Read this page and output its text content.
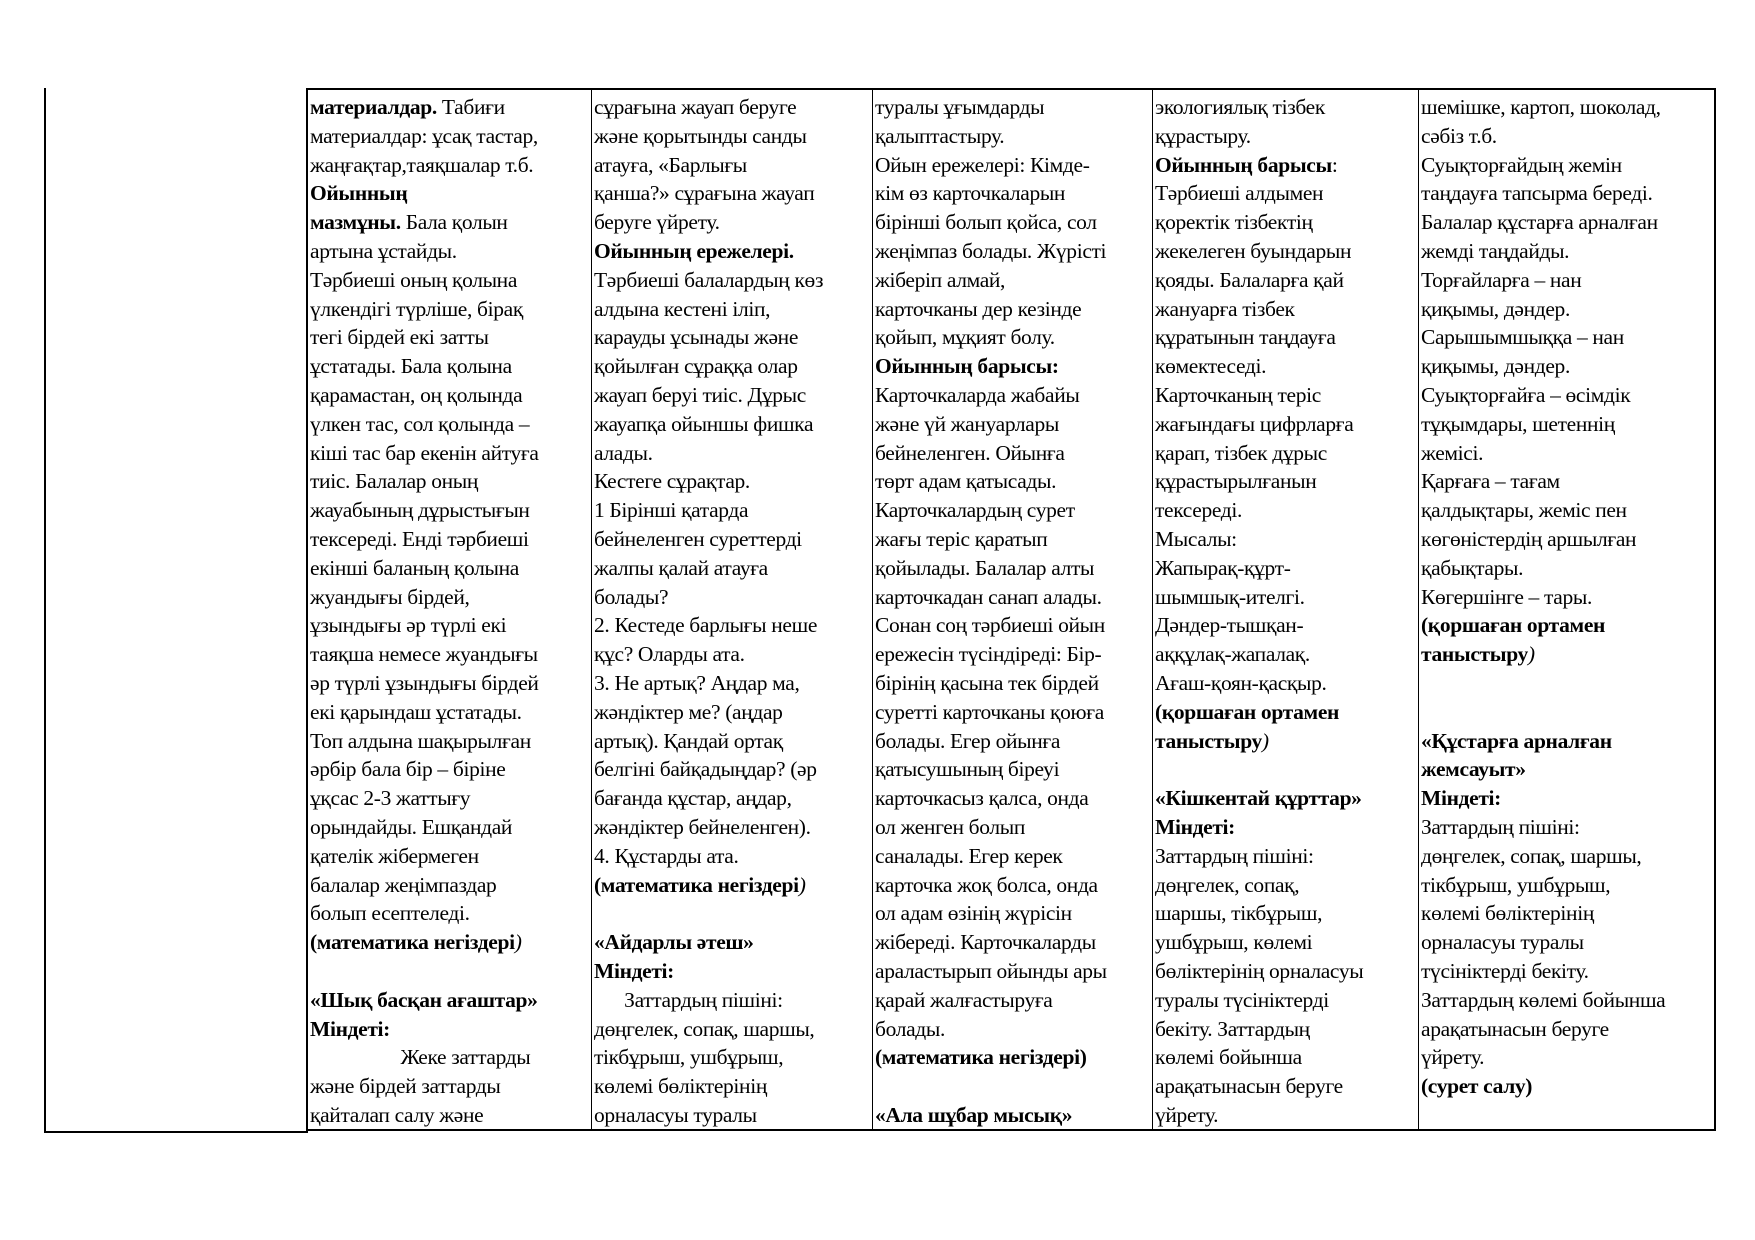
материалдар. Табиғи
материалдар: ұсақ тастар,
жаңғақтар,таяқшалар т.б.
Ойынның
мазмұны. Бала қолын
артына ұстайды.
Тәрбиеші оның қолына
үлкендігі түрліше, бірақ
тегі бірдей екі затты
ұстатады. Бала қолына
қарамастан, оң қолында
үлкен тас, сол қолында –
кіші тас бар екенін айтуға
тиіс. Балалар оның
жауабының дұрыстығын
тексереді. Енді тәрбиеші
екінші баланың қолына
жуандығы бірдей,
ұзындығы әр түрлі екі
таяқша немесе жуандығы
әр түрлі ұзындығы бірдей
екі қарындаш ұстатады.
Топ алдына шақырылған
әрбір бала бір – біріне
ұқсас 2-3 жаттығу
орындайды. Ешқандай
қателік жібермеген
балалар жеңімпаздар
болып есептеледі.
(математика негіздері)
«Шық басқан ағаштар»
Міндеті:
Жеке заттарды
және бірдей заттарды
қайталап салу және
сұрағына жауап беруге
және қорытынды санды
атауға, «Барлығы
қанша?» сұрағына жауап
беруге үйрету.
Ойынның ережелері.
Тәрбиеші балалардың көз
алдына кестені іліп,
карауды ұсынады және
қойылған сұраққа олар
жауап беруі тиіс. Дұрыс
жауапқа ойыншы фишка
алады.
Кестеге сұрақтар.
1 Бірінші қатарда
бейнеленген суреттерді
жалпы қалай атауға
болады?
2. Кестеде барлығы неше
құс? Оларды ата.
3. Не артық? Аңдар ма,
жәндіктер ме? (аңдар
артық). Қандай ортақ
белгіні байқадыңдар? (әр
бағанда құстар, аңдар,
жәндіктер бейнеленген).
4. Құстарды ата.
(математика негіздері)
«Айдарлы әтеш»
Міндеті:
Заттардың пішіні:
дөңгелек, сопақ, шаршы,
тікбұрыш, ушбұрыш,
көлемі бөліктерінің
орналасуы туралы
туралы ұғымдарды
қалыптастыру.
Ойын ережелері: Кімде-
кім өз карточкаларын
бірінші болып қойса, сол
жеңімпаз болады. Жүрісті
жіберіп алмай,
карточканы дер кезінде
қойып, мұқият болу.
Ойынның барысы:
Карточкаларда жабайы
және үй жануарлары
бейнеленген. Ойынға
төрт адам қатысады.
Карточкалардың сурет
жағы теріс қаратып
қойылады. Балалар алты
карточкадан санап алады.
Сонан соң тәрбиеші ойын
ережесін түсіндіреді: Бір-
бірінің қасына тек бірдей
суретті карточканы қоюға
болады. Егер ойынға
қатысушының біреуі
карточкасыз қалса, онда
ол женген болып
саналады. Егер керек
карточка жоқ болса, онда
ол адам өзінің жүрісін
жібереді. Карточкаларды
араластырып ойынды ары
қарай жалғастыруға
болады.
(математика негіздері)
«Ала шұбар мысық»
экологиялық тізбек
құрастыру.
Ойынның барысы:
Тәрбиеші алдымен
қоректік тізбектің
жекелеген буындарын
қояды. Балаларға қай
жануарға тізбек
құратынын таңдауға
көмектеседі.
Карточканың теріс
жағындағы цифрларға
қарап, тізбек дұрыс
құрастырылғанын
тексереді.
Мысалы:
Жапырақ-құрт-
шымшық-ителгі.
Дәндер-тышқан-
аққұлақ-жапалақ.
Ағаш-қоян-қасқыр.
(қоршаған ортамен
таныстыру)
«Кішкентай құрттар»
Міндеті:
Заттардың пішіні:
дөңгелек, сопақ,
шаршы, тікбұрыш,
ушбұрыш, көлемі
бөліктерінің орналасуы
туралы түсініктерді
бекіту. Заттардың
көлемі бойынша
арақатынасын беруге
үйрету.
шемішке, картоп, шоколад,
сәбіз т.б.
Суықторғайдың жемін
таңдауға тапсырма береді.
Балалар құстарға арналған
жемді таңдайды.
Торғайларға – нан
қиқымы, дәндер.
Сарышымшыққа – нан
қиқымы, дәндер.
Суықторғайға – өсімдік
тұқымдары, шетеннің
жемісі.
Қарғаға – тағам
қалдықтары, жеміс пен
көгөністердің аршылған
қабықтары.
Көгершінге – тары.
(қоршаған ортамен
таныстыру)
«Құстарға арналған
жемсауыт»
Міндеті:
Заттардың пішіні:
дөңгелек, сопақ, шаршы,
тікбұрыш, ушбұрыш,
көлемі бөліктерінің
орналасуы туралы
түсініктерді бекіту.
Заттардың көлемі бойынша
арақатынасын беруге
үйрету.
(сурет салу)
